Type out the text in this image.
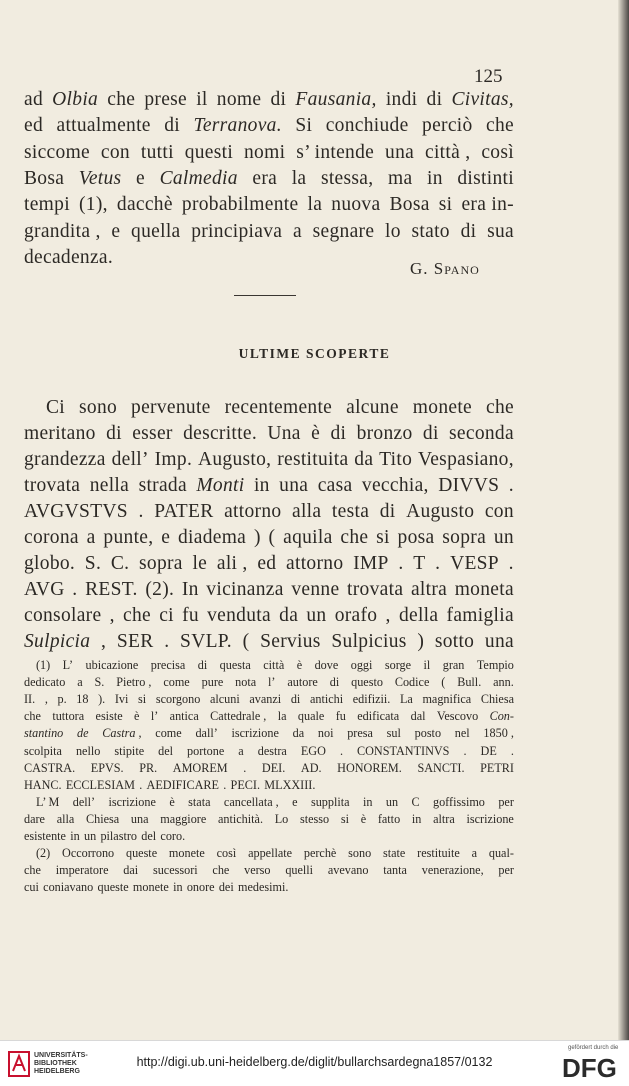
125
ad Olbia che prese il nome di Fausania, indi di Civitas,
ed attualmente di Terranova. Si conchiude perciò che
siccome con tutti questi nomi s’ intende una città , così
Bosa Vetus e Calmedia era la stessa, ma in distinti
tempi (1), dacchè probabilmente la nuova Bosa si era in-
grandita , e quella principiava a segnare lo stato di sua
decadenza.
G. Spano
ULTIME SCOPERTE
Ci sono pervenute recentemente alcune monete che
meritano di esser descritte. Una è di bronzo di seconda
grandezza dell’ Imp. Augusto, restituita da Tito Vespasiano,
trovata nella strada Monti in una casa vecchia, DIVVS .
AVGVSTVS . PATER attorno alla testa di Augusto con
corona a punte, e diadema ) ( aquila che si posa sopra un
globo. S. C. sopra le ali , ed attorno IMP . T . VESP .
AVG . REST. (2). In vicinanza venne trovata altra moneta
consolare , che ci fu venduta da un orafo , della famiglia
Sulpicia , SER . SVLP. ( Servius Sulpicius ) sotto una
(1) L’ ubicazione precisa di questa città è dove oggi sorge il gran Tempio
dedicato a S. Pietro , come pure nota l’ autore di questo Codice ( Bull. ann.
II. , p. 18 ). Ivi si scorgono alcuni avanzi di antichi edifizii. La magnifica Chiesa
che tuttora esiste è l’ antica Cattedrale , la quale fu edificata dal Vescovo Con-
stantino de Castra , come dall’ iscrizione da noi presa sul posto nel 1850 ,
scolpita nello stipite del portone a destra EGO . CONSTANTINVS . DE .
CASTRA. EPVS. PR. AMOREM . DEI. AD. HONOREM. SANCTI. PETRI
HANC. ECCLESIAM . AEDIFICARE . PECI. MLXXIII.
L’ M dell’ iscrizione è stata cancellata , e supplita in un C goffissimo per
dare alla Chiesa una maggiore antichità. Lo stesso si è fatto in altra iscrizione
esistente in un pilastro del coro.
(2) Occorrono queste monete così appellate perchè sono state restituite a qual-
che imperatore dai sucessori che verso quelli avevano tanta venerazione, per
cui coniavano queste monete in onore dei medesimi.
UNIVERSITÄTS-
BIBLIOTHEK
HEIDELBERG
http://digi.ub.uni-heidelberg.de/diglit/bullarchsardegna1857/0132
gefördert durch die
DFG
